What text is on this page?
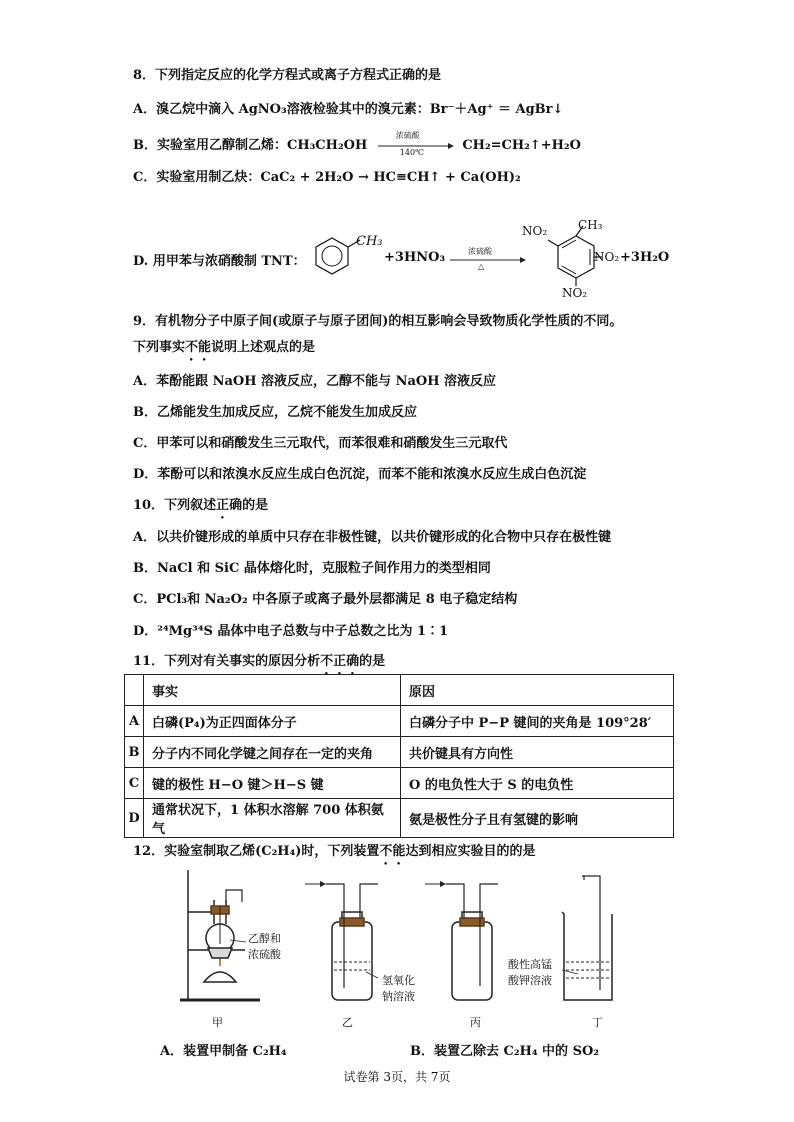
8．下列指定反应的化学方程式或离子方程式正确的是
A．溴乙烷中滴入 AgNO₃溶液检验其中的溴元素：Br⁻＋Ag⁺ ＝ AgBr↓
B．实验室用乙醇制乙烯：CH₃CH₂OH
浓硫酸
140℃	CH₂=CH₂↑+H₂O
C．实验室用制乙炔：CaC₂ + 2H₂O → HC≡CH↑ + Ca(OH)₂
D. 用甲苯与浓硝酸制 TNT：
CH₃
+3HNO₃	浓硫酸
△
CH₃
NO₂
NO₂
NO₂
+3H₂O
9．有机物分子中原子间(或原子与原子团间)的相互影响会导致物质化学性质的不同。
下列事实不能说明上述观点的是
A．苯酚能跟 NaOH 溶液反应，乙醇不能与 NaOH 溶液反应
B．乙烯能发生加成反应，乙烷不能发生加成反应
C．甲苯可以和硝酸发生三元取代，而苯很难和硝酸发生三元取代
D．苯酚可以和浓溴水反应生成白色沉淀，而苯不能和浓溴水反应生成白色沉淀
10．下列叙述正确的是
A．以共价键形成的单质中只存在非极性键，以共价键形成的化合物中只存在极性键
B．NaCl 和 SiC 晶体熔化时，克服粒子间作用力的类型相同
C．PCl₃和 Na₂O₂ 中各原子或离子最外层都满足 8 电子稳定结构
D．²⁴Mg³⁴S 晶体中电子总数与中子总数之比为 1∶1
11．下列对有关事实的原因分析不正确的是
	事实	原因
A	白磷(P₄)为正四面体分子	白磷分子中 P−P 键间的夹角是 109°28′
B	分子内不同化学键之间存在一定的夹角	共价键具有方向性
C	键的极性 H−O 键＞H−S 键	O 的电负性大于 S 的电负性
D	通常状况下，1 体积水溶解 700 体积氨气	氨是极性分子且有氢键的影响
12．实验室制取乙烯(C₂H₄)时，下列装置不能达到相应实验目的的是
乙醇和
浓硫酸
氢氧化
钠溶液
酸性高锰
酸钾溶液
甲	乙	丙	丁
A．装置甲制备 C₂H₄	B．装置乙除去 C₂H₄ 中的 SO₂
试卷第 3页，共 7页
